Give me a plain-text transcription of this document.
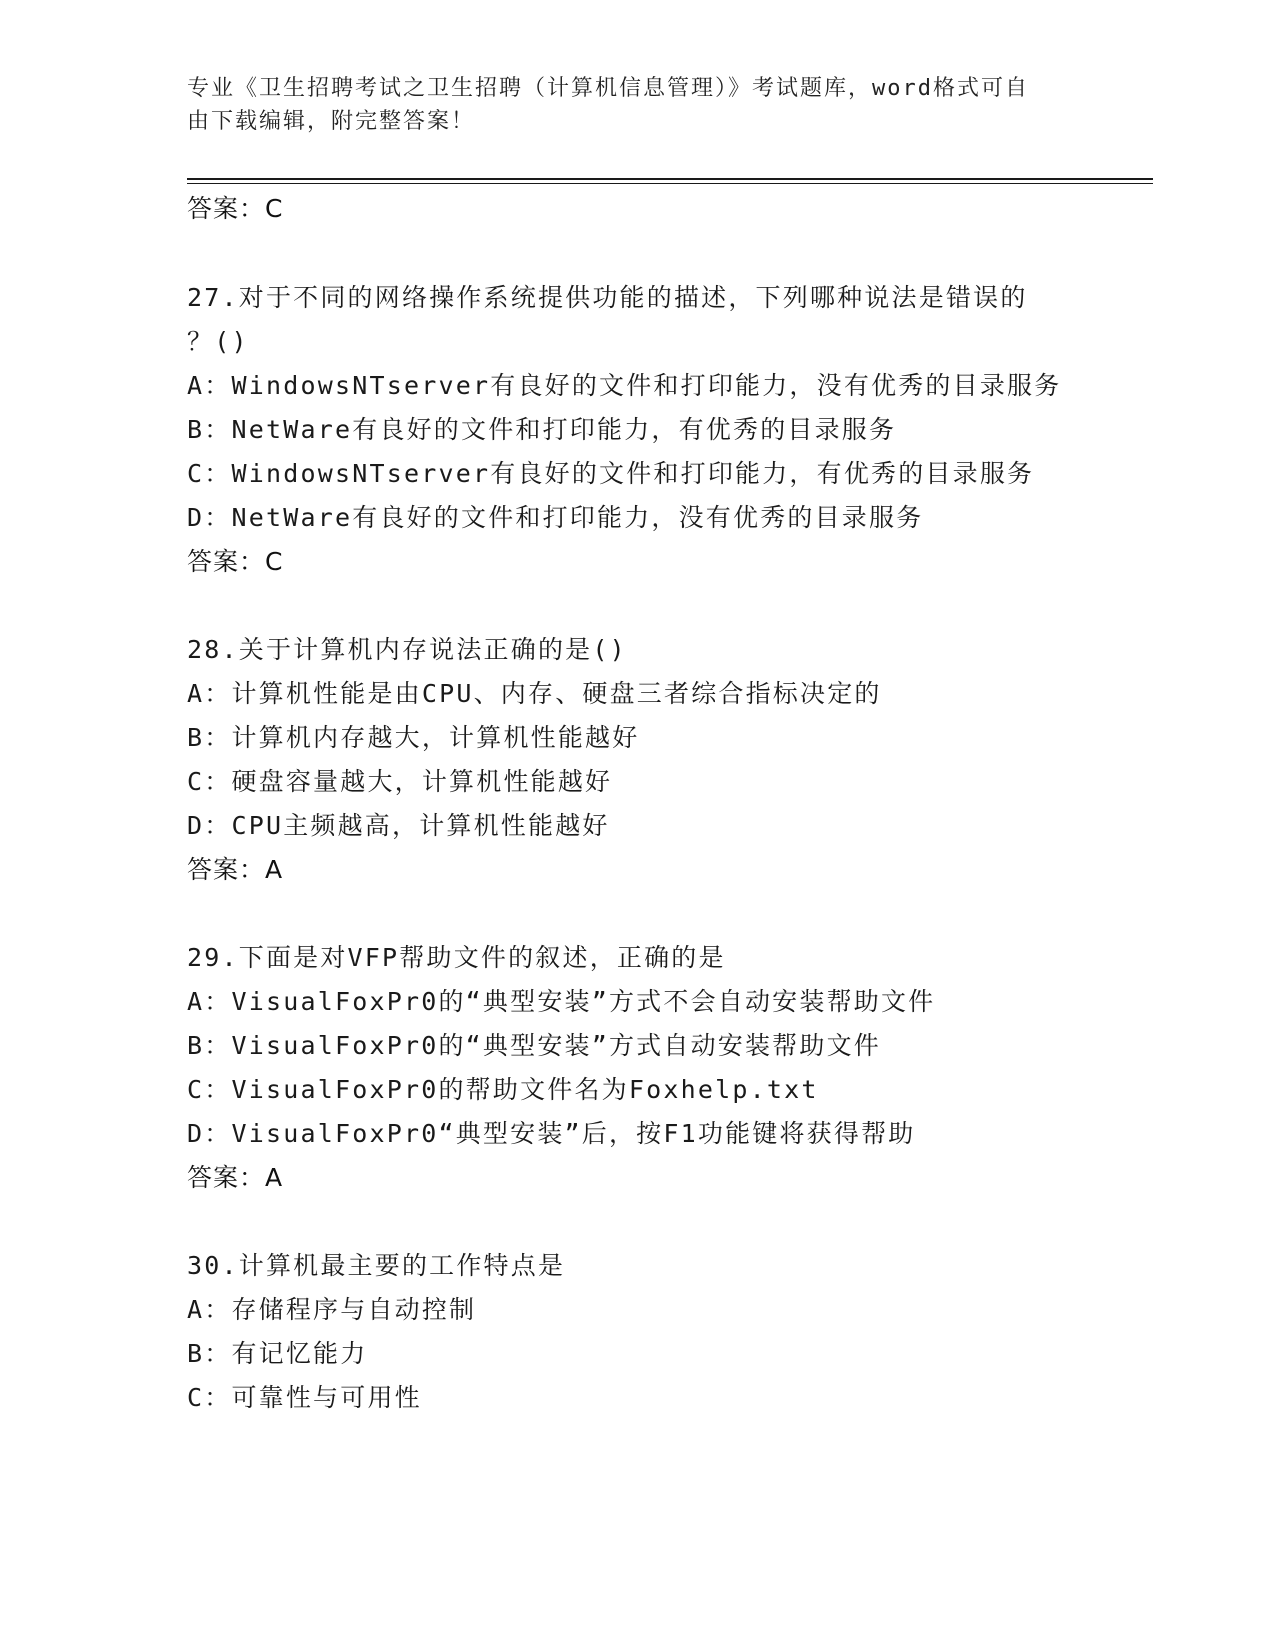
专业《卫生招聘考试之卫生招聘（计算机信息管理）》考试题库，word格式可自
由下载编辑，附完整答案！
答案：C
27.对于不同的网络操作系统提供功能的描述，下列哪种说法是错误的
？()
A：WindowsNTserver有良好的文件和打印能力，没有优秀的目录服务
B：NetWare有良好的文件和打印能力，有优秀的目录服务
C：WindowsNTserver有良好的文件和打印能力，有优秀的目录服务
D：NetWare有良好的文件和打印能力，没有优秀的目录服务
答案：C
28.关于计算机内存说法正确的是()
A：计算机性能是由CPU、内存、硬盘三者综合指标决定的
B：计算机内存越大，计算机性能越好
C：硬盘容量越大，计算机性能越好
D：CPU主频越高，计算机性能越好
答案：A
29.下面是对VFP帮助文件的叙述，正确的是
A：VisualFoxPr0的“典型安装”方式不会自动安装帮助文件
B：VisualFoxPr0的“典型安装”方式自动安装帮助文件
C：VisualFoxPr0的帮助文件名为Foxhelp.txt
D：VisualFoxPr0“典型安装”后，按F1功能键将获得帮助
答案：A
30.计算机最主要的工作特点是
A：存储程序与自动控制
B：有记忆能力
C：可靠性与可用性
